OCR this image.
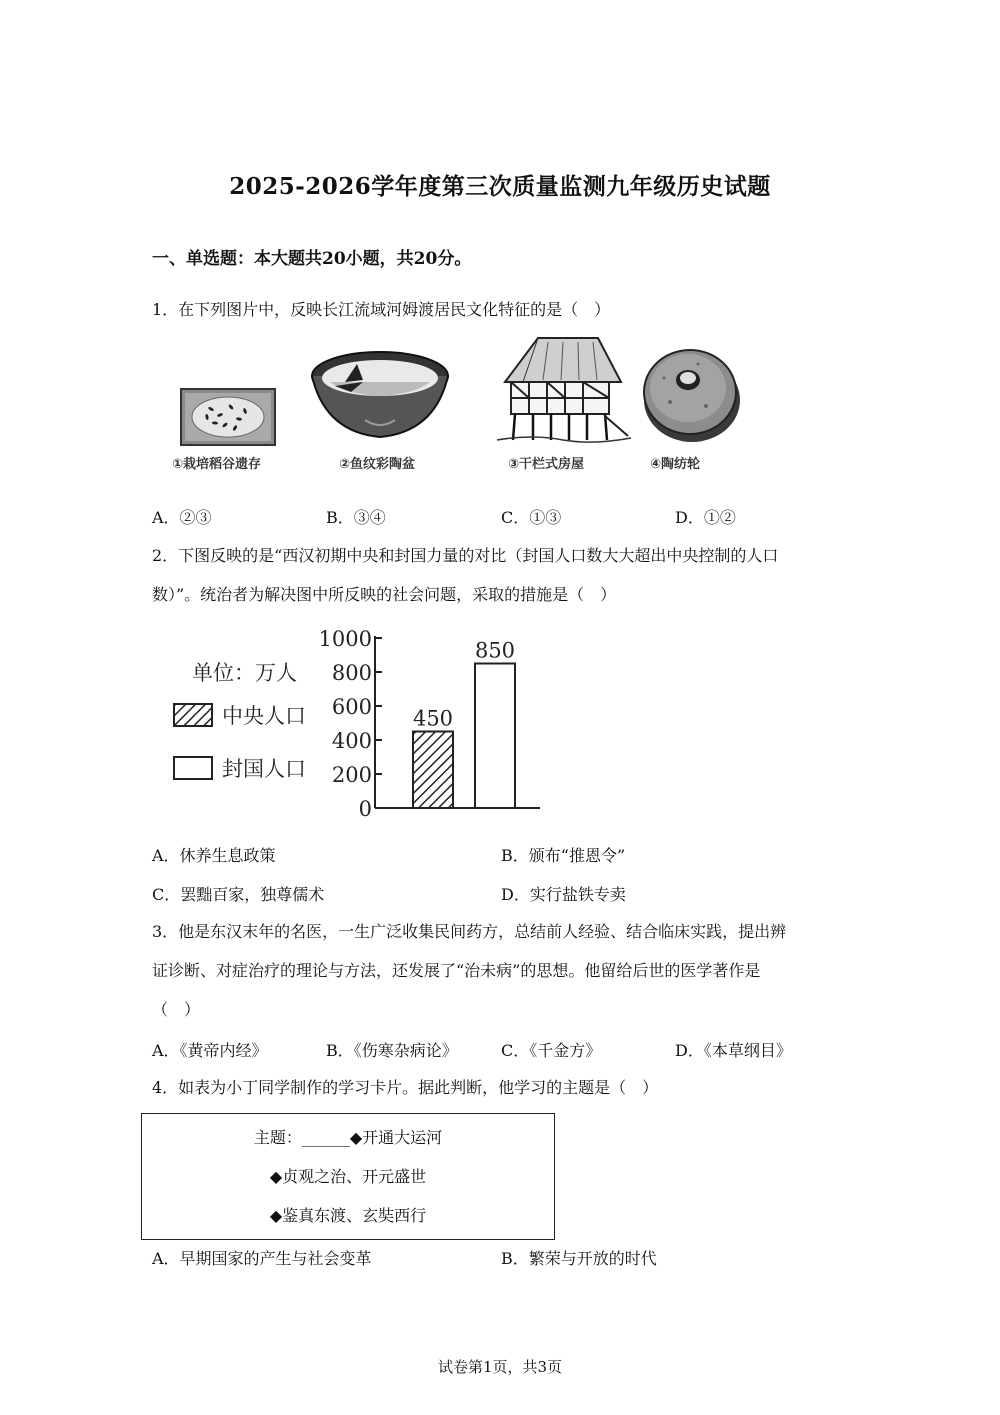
2025-2026学年度第三次质量监测九年级历史试题
一、单选题：本大题共20小题，共20分。
1．在下列图片中，反映长江流域河姆渡居民文化特征的是（　）
①栽培稻谷遗存	②鱼纹彩陶盆	③干栏式房屋	④陶纺轮
A．②③	B．③④	C．①③	D．①②
2．下图反映的是“西汉初期中央和封国力量的对比（封国人口数大大超出中央控制的人口
数）”。统治者为解决图中所反映的社会问题，采取的措施是（　）
单位：万人
中央人口
封国人口
0
200
400
600
800
1000
450
850
A．休养生息政策	B．颁布“推恩令”
C．罢黜百家，独尊儒术	D．实行盐铁专卖
3．他是东汉末年的名医，一生广泛收集民间药方，总结前人经验、结合临床实践，提出辨
证诊断、对症治疗的理论与方法，还发展了“治未病”的思想。他留给后世的医学著作是
（　）
A．《黄帝内经》	B．《伤寒杂病论》	C．《千金方》	D．《本草纲目》
4．如表为小丁同学制作的学习卡片。据此判断，他学习的主题是（　）
主题：______◆开通大运河
◆贞观之治、开元盛世
◆鉴真东渡、玄奘西行
A．早期国家的产生与社会变革	B．繁荣与开放的时代
试卷第1页，共3页
